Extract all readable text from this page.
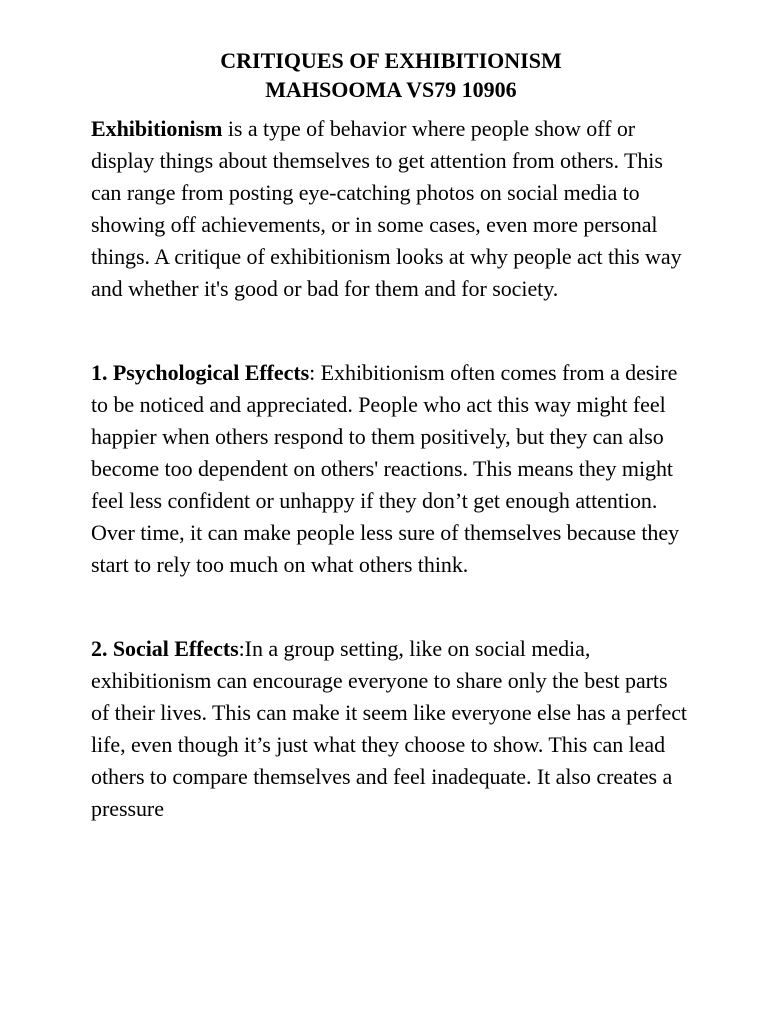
CRITIQUES OF EXHIBITIONISM
MAHSOOMA VS79 10906

Exhibitionism is a type of behavior where people show off or display things about themselves to get attention from others. This can range from posting eye-catching photos on social media to showing off achievements, or in some cases, even more personal things. A critique of exhibitionism looks at why people act this way and whether it's good or bad for them and for society.

1. Psychological Effects: Exhibitionism often comes from a desire to be noticed and appreciated. People who act this way might feel happier when others respond to them positively, but they can also become too dependent on others' reactions. This means they might feel less confident or unhappy if they don’t get enough attention. Over time, it can make people less sure of themselves because they start to rely too much on what others think.

2. Social Effects:In a group setting, like on social media, exhibitionism can encourage everyone to share only the best parts of their lives. This can make it seem like everyone else has a perfect life, even though it’s just what they choose to show. This can lead others to compare themselves and feel inadequate. It also creates a pressure
